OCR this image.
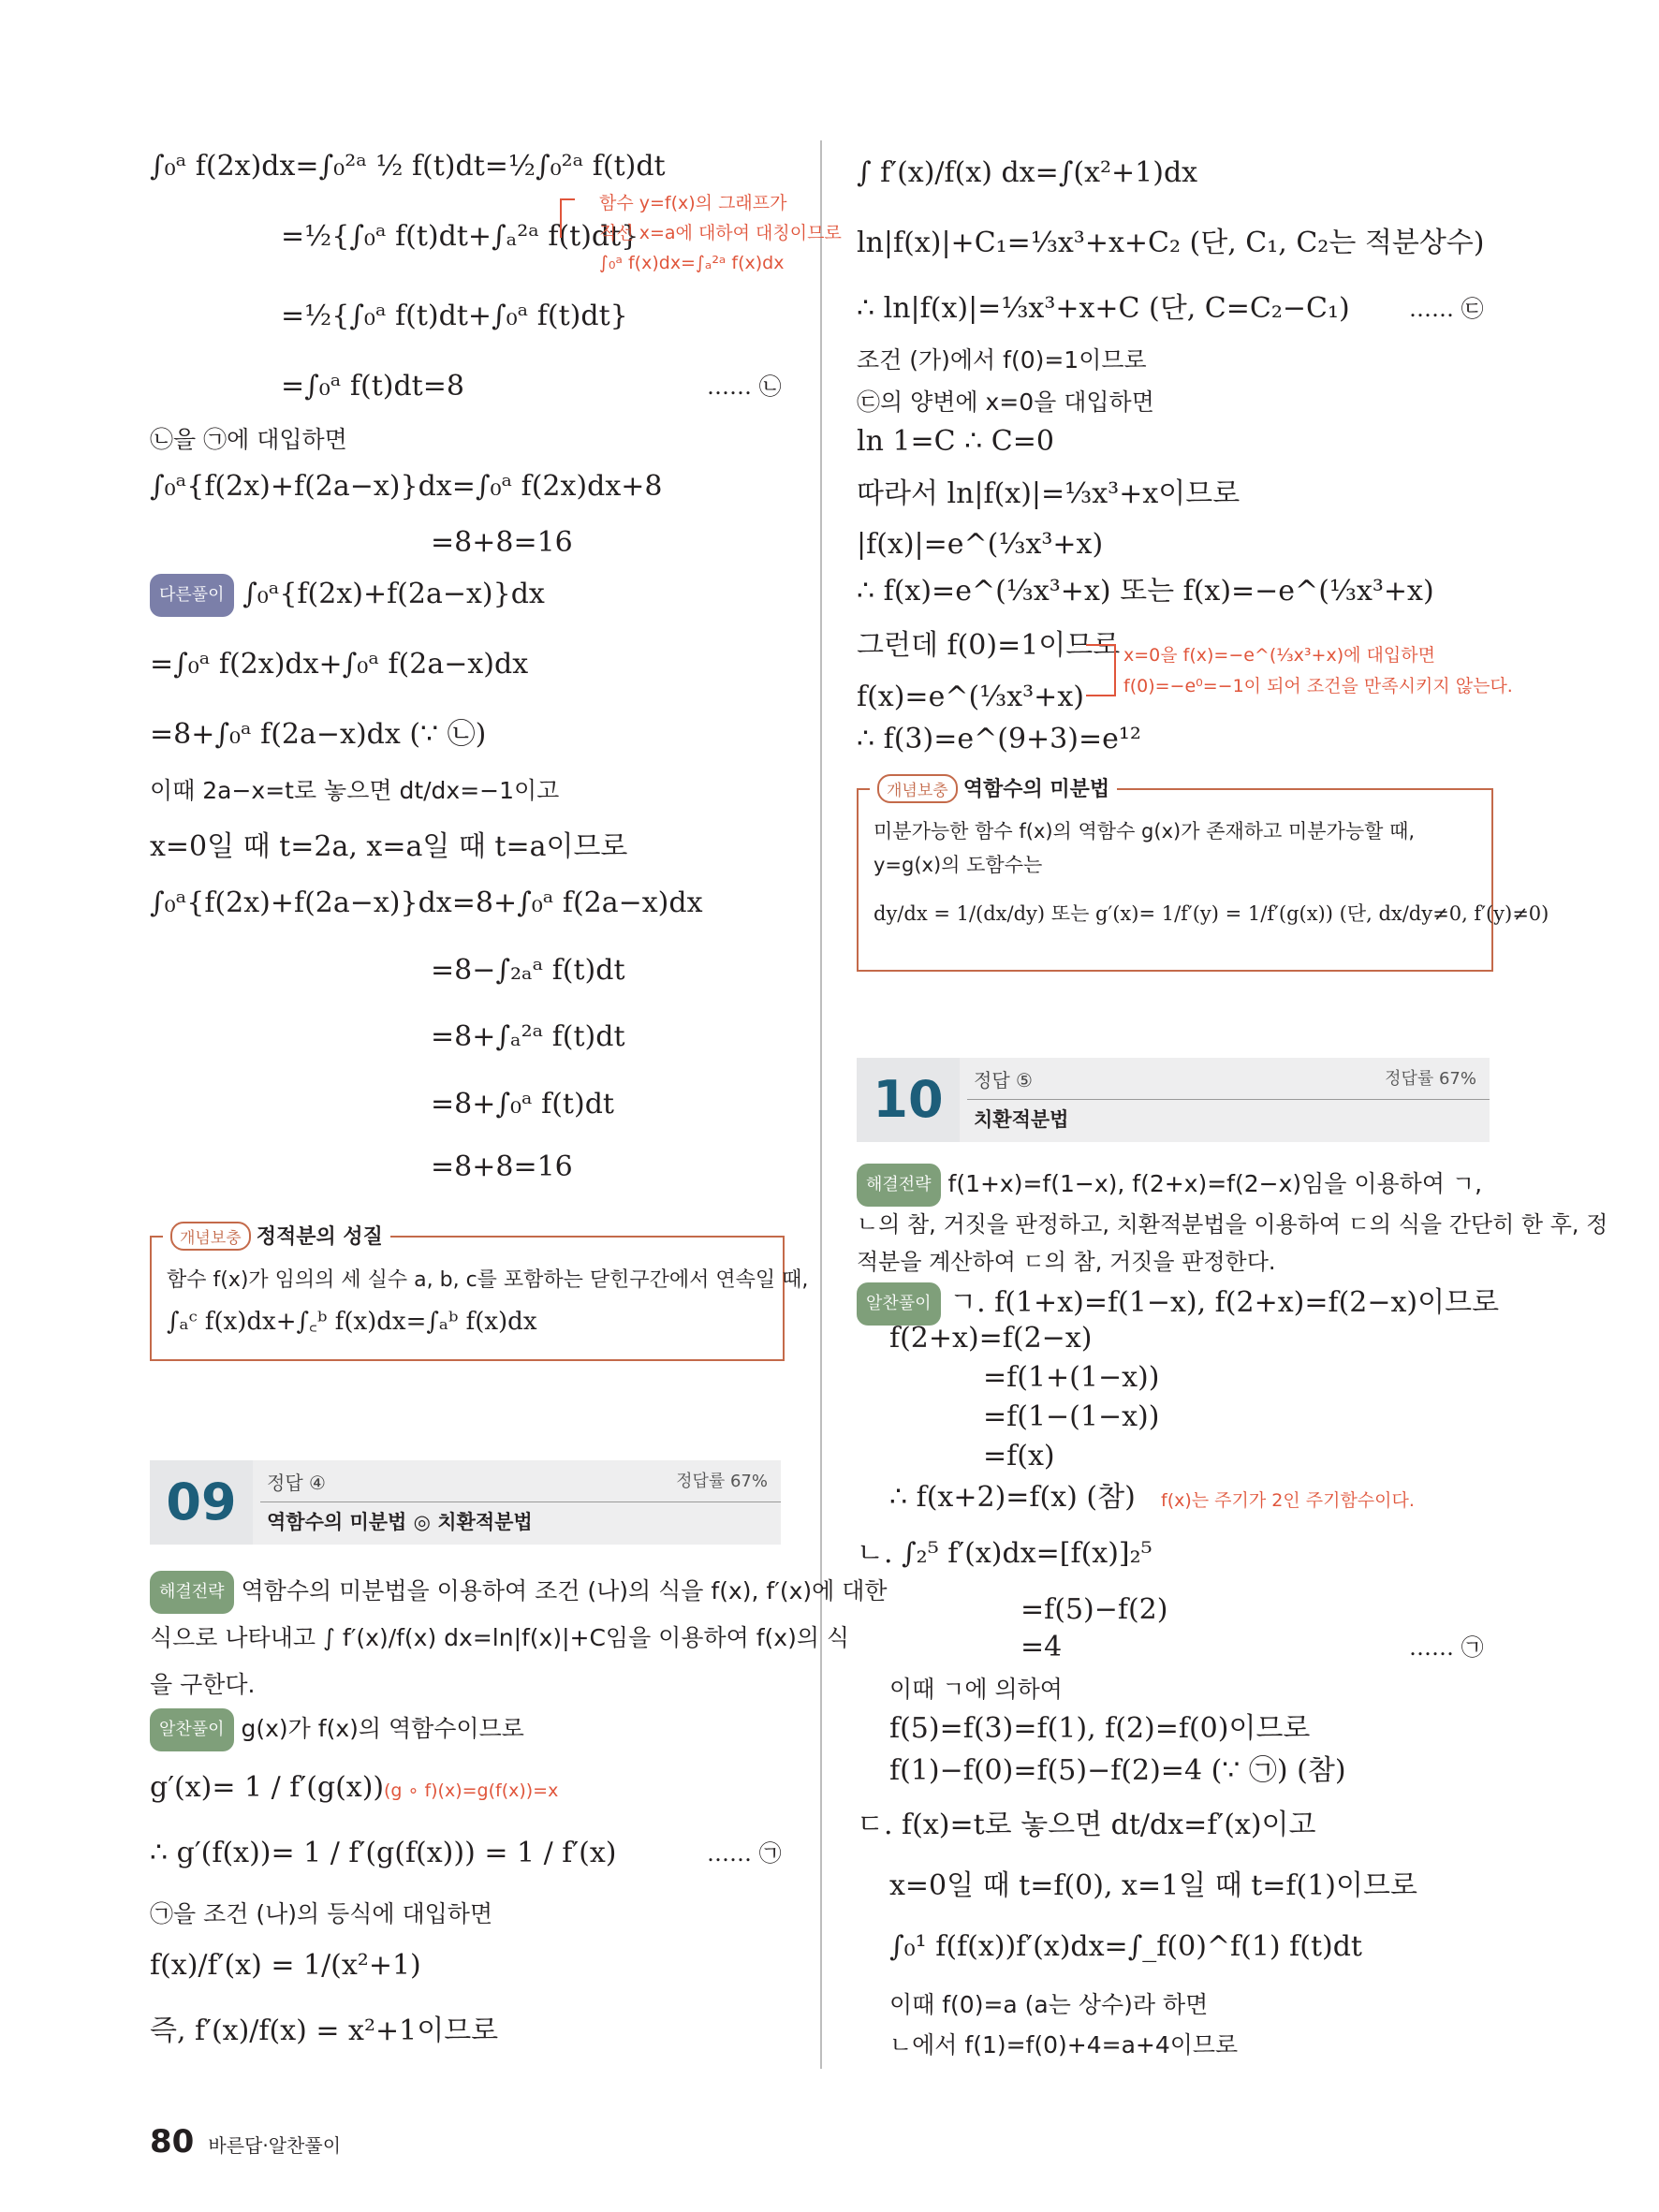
∫₀ᵃ f(2x)dx=∫₀²ᵃ ½ f(t)dt=½∫₀²ᵃ f(t)dt
=½{∫₀ᵃ f(t)dt+∫ₐ²ᵃ f(t)dt}
=½{∫₀ᵃ f(t)dt+∫₀ᵃ f(t)dt}
=∫₀ᵃ f(t)dt=8	…… ㉡
함수 y=f(x)의 그래프가
직선 x=a에 대하여 대칭이므로
∫₀ᵃ f(x)dx=∫ₐ²ᵃ f(x)dx
㉡을 ㉠에 대입하면
∫₀ᵃ{f(2x)+f(2a−x)}dx=∫₀ᵃ f(2x)dx+8
=8+8=16
다른풀이 ∫₀ᵃ{f(2x)+f(2a−x)}dx
=∫₀ᵃ f(2x)dx+∫₀ᵃ f(2a−x)dx
=8+∫₀ᵃ f(2a−x)dx (∵ ㉡)
이때 2a−x=t로 놓으면 dt/dx=−1이고
x=0일 때 t=2a, x=a일 때 t=a이므로
∫₀ᵃ{f(2x)+f(2a−x)}dx=8+∫₀ᵃ f(2a−x)dx
=8−∫₂ₐᵃ f(t)dt
=8+∫ₐ²ᵃ f(t)dt
=8+∫₀ᵃ f(t)dt
=8+8=16
개념보충 정적분의 성질
함수 f(x)가 임의의 세 실수 a, b, c를 포함하는 닫힌구간에서 연속일 때,
∫ₐᶜ f(x)dx+∫꜀ᵇ f(x)dx=∫ₐᵇ f(x)dx
09	정답 ④	정답률 67%
역함수의 미분법 ◎ 치환적분법
해결전략 역함수의 미분법을 이용하여 조건 (나)의 식을 f(x), f′(x)에 대한
식으로 나타내고 ∫ f′(x)/f(x) dx=ln|f(x)|+C임을 이용하여 f(x)의 식
을 구한다.
알찬풀이 g(x)가 f(x)의 역함수이므로
g′(x)= 1 / f′(g(x)) (g ∘ f)(x)=g(f(x))=x
∴ g′(f(x))= 1 / f′(g(f(x))) = 1 / f′(x)	…… ㉠
㉠을 조건 (나)의 등식에 대입하면
f(x)/f′(x) = 1/(x²+1)
즉, f′(x)/f(x) = x²+1이므로
∫ f′(x)/f(x) dx=∫(x²+1)dx
ln|f(x)|+C₁=⅓x³+x+C₂ (단, C₁, C₂는 적분상수)
∴ ln|f(x)|=⅓x³+x+C (단, C=C₂−C₁)	…… ㉢
조건 (가)에서 f(0)=1이므로
㉢의 양변에 x=0을 대입하면
ln 1=C ∴ C=0
따라서 ln|f(x)|=⅓x³+x이므로
|f(x)|=e^(⅓x³+x)
∴ f(x)=e^(⅓x³+x) 또는 f(x)=−e^(⅓x³+x)
그런데 f(0)=1이므로
f(x)=e^(⅓x³+x)
∴ f(3)=e^(9+3)=e¹²
x=0을 f(x)=−e^(⅓x³+x)에 대입하면
f(0)=−e⁰=−1이 되어 조건을 만족시키지 않는다.
개념보충 역함수의 미분법
미분가능한 함수 f(x)의 역함수 g(x)가 존재하고 미분가능할 때,
y=g(x)의 도함수는
dy/dx = 1/(dx/dy) 또는 g′(x)= 1/f′(y) = 1/f′(g(x)) (단, dx/dy≠0, f′(y)≠0)
10	정답 ⑤	정답률 67%
치환적분법
해결전략 f(1+x)=f(1−x), f(2+x)=f(2−x)임을 이용하여 ㄱ,
ㄴ의 참, 거짓을 판정하고, 치환적분법을 이용하여 ㄷ의 식을 간단히 한 후, 정
적분을 계산하여 ㄷ의 참, 거짓을 판정한다.
알찬풀이 ㄱ. f(1+x)=f(1−x), f(2+x)=f(2−x)이므로
f(2+x)=f(2−x)
=f(1+(1−x))
=f(1−(1−x))
=f(x)
∴ f(x+2)=f(x) (참) f(x)는 주기가 2인 주기함수이다.
ㄴ. ∫₂⁵ f′(x)dx=[f(x)]₂⁵
=f(5)−f(2)
=4	…… ㉠
이때 ㄱ에 의하여
f(5)=f(3)=f(1), f(2)=f(0)이므로
f(1)−f(0)=f(5)−f(2)=4 (∵ ㉠) (참)
ㄷ. f(x)=t로 놓으면 dt/dx=f′(x)이고
x=0일 때 t=f(0), x=1일 때 t=f(1)이므로
∫₀¹ f(f(x))f′(x)dx=∫_f(0)^f(1) f(t)dt
이때 f(0)=a (a는 상수)라 하면
ㄴ에서 f(1)=f(0)+4=a+4이므로
80 바른답·알찬풀이
